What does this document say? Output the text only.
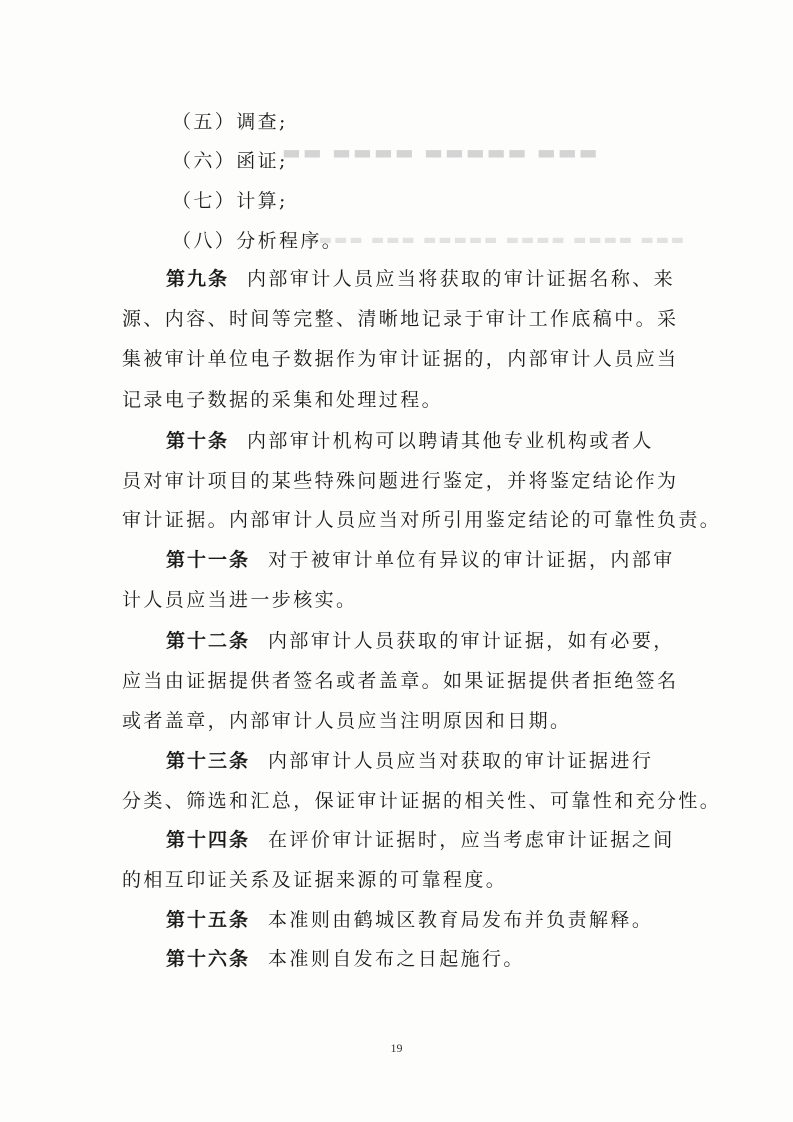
▬▬ ▬▬▬▬ ▬▬▬▬▬ ▬▬▬
▬ ▬▬▬▬ ▬▬▬ ▬▬▬▬▬ ▬▬▬▬ ▬▬▬▬ ▬▬▬
（五）调查;
（六）函证;
（七）计算;
（八）分析程序。
第九条 内部审计人员应当将获取的审计证据名称、来
源、内容、时间等完整、清晰地记录于审计工作底稿中。采
集被审计单位电子数据作为审计证据的，内部审计人员应当
记录电子数据的采集和处理过程。
第十条 内部审计机构可以聘请其他专业机构或者人
员对审计项目的某些特殊问题进行鉴定，并将鉴定结论作为
审计证据。内部审计人员应当对所引用鉴定结论的可靠性负责。
第十一条 对于被审计单位有异议的审计证据，内部审
计人员应当进一步核实。
第十二条 内部审计人员获取的审计证据，如有必要，
应当由证据提供者签名或者盖章。如果证据提供者拒绝签名
或者盖章，内部审计人员应当注明原因和日期。
第十三条 内部审计人员应当对获取的审计证据进行
分类、筛选和汇总，保证审计证据的相关性、可靠性和充分性。
第十四条 在评价审计证据时，应当考虑审计证据之间
的相互印证关系及证据来源的可靠程度。
第十五条 本准则由鹤城区教育局发布并负责解释。
第十六条 本准则自发布之日起施行。
19
